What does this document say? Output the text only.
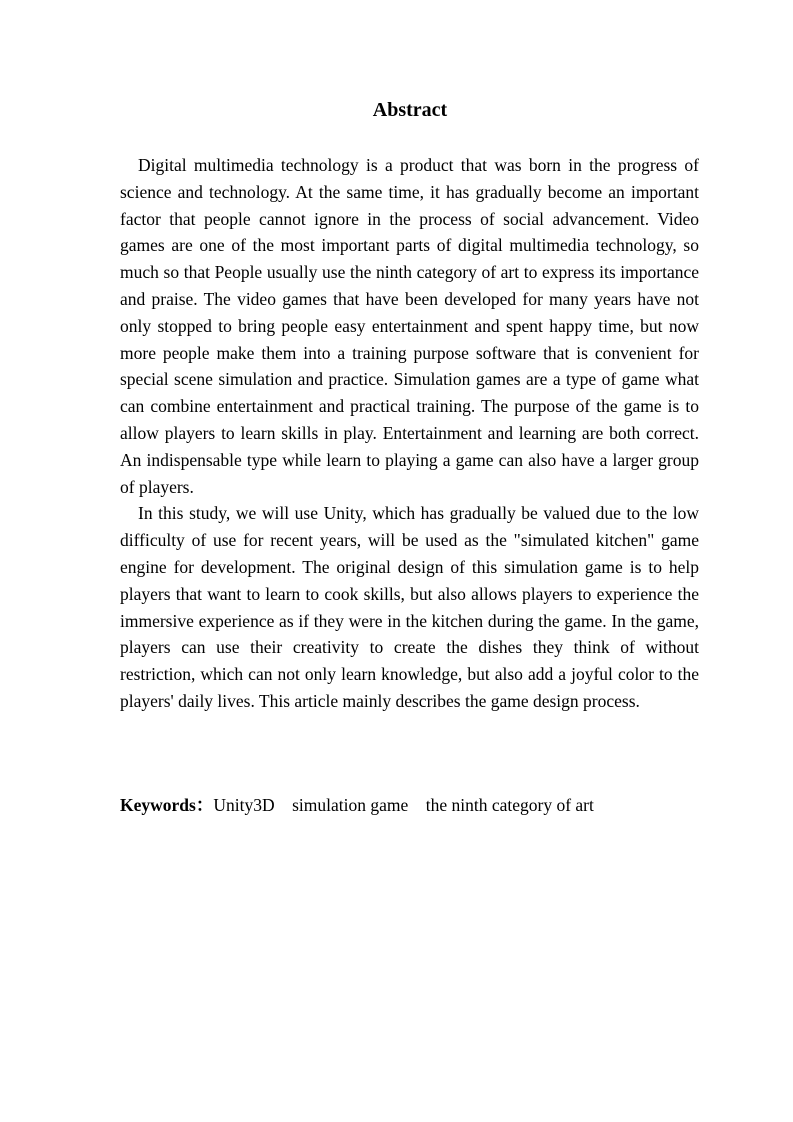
Abstract

Digital multimedia technology is a product that was born in the progress of science and technology. At the same time, it has gradually become an important factor that people cannot ignore in the process of social advancement. Video games are one of the most important parts of digital multimedia technology, so much so that People usually use the ninth category of art to express its importance and praise. The video games that have been developed for many years have not only stopped to bring people easy entertainment and spent happy time, but now more people make them into a training purpose software that is convenient for special scene simulation and practice. Simulation games are a type of game what can combine entertainment and practical training. The purpose of the game is to allow players to learn skills in play. Entertainment and learning are both correct. An indispensable type while learn to playing a game can also have a larger group of players.

In this study, we will use Unity, which has gradually be valued due to the low difficulty of use for recent years, will be used as the "simulated kitchen" game engine for development. The original design of this simulation game is to help players that want to learn to cook skills, but also allows players to experience the immersive experience as if they were in the kitchen during the game. In the game, players can use their creativity to create the dishes they think of without restriction, which can not only learn knowledge, but also add a joyful color to the players' daily lives. This article mainly describes the game design process.

Keywords：Unity3D    simulation game    the ninth category of art
